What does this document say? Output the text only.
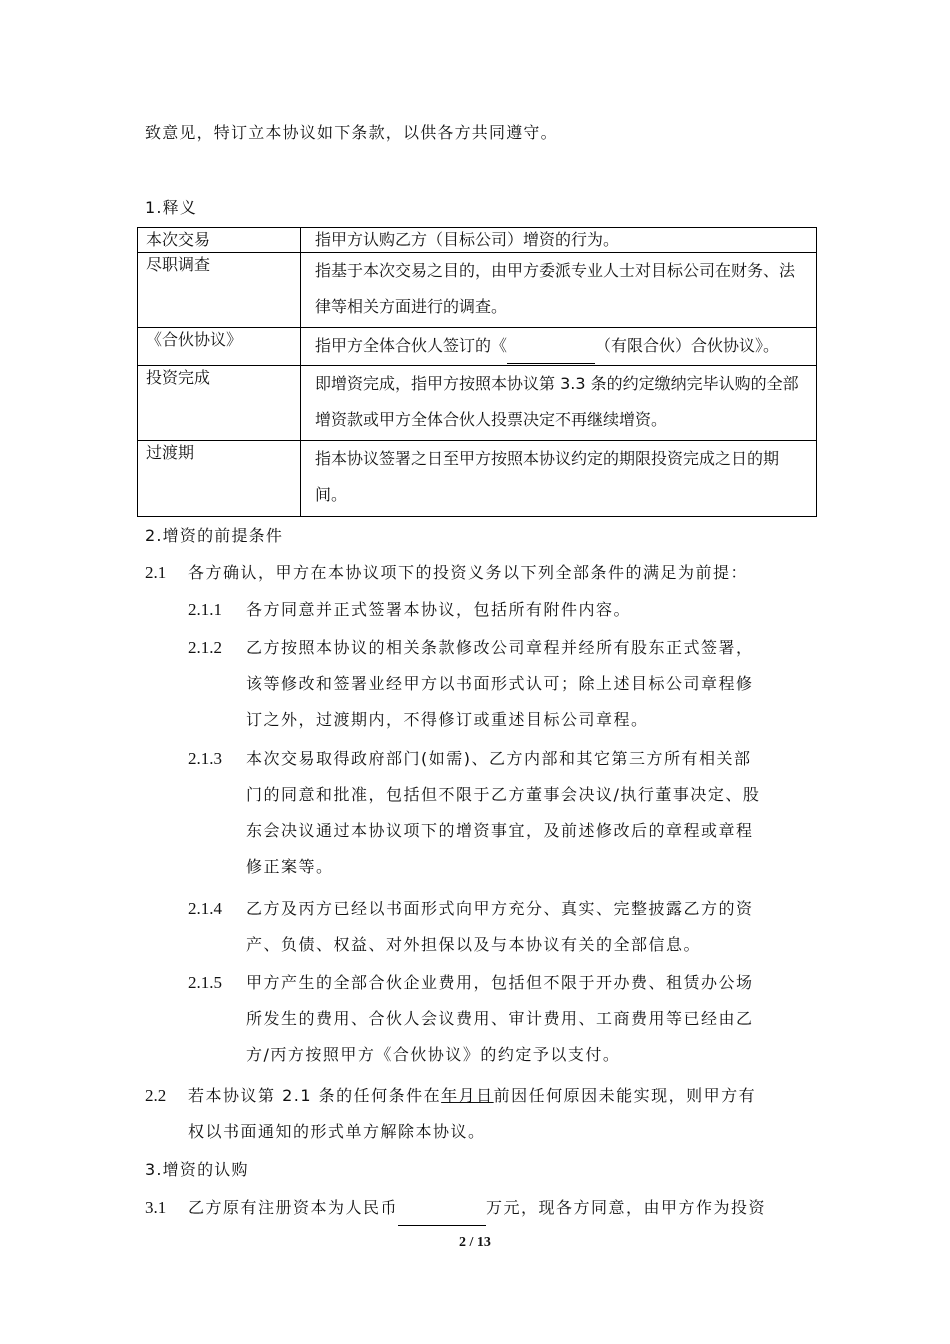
致意见，特订立本协议如下条款，以供各方共同遵守。
1.释义
本次交易	指甲方认购乙方（目标公司）增资的行为。
尽职调查	指基于本次交易之目的，由甲方委派专业人士对目标公司在财务、法律等相关方面进行的调查。
《合伙协议》	指甲方全体合伙人签订的《 （有限合伙）合伙协议》。
投资完成	即增资完成，指甲方按照本协议第 3.3 条的约定缴纳完毕认购的全部增资款或甲方全体合伙人投票决定不再继续增资。
过渡期	指本协议签署之日至甲方按照本协议约定的期限投资完成之日的期间。
2.增资的前提条件
2.1 各方确认，甲方在本协议项下的投资义务以下列全部条件的满足为前提：
2.1.1 各方同意并正式签署本协议，包括所有附件内容。
2.1.2 乙方按照本协议的相关条款修改公司章程并经所有股东正式签署，
该等修改和签署业经甲方以书面形式认可；除上述目标公司章程修
订之外，过渡期内，不得修订或重述目标公司章程。
2.1.3 本次交易取得政府部门(如需)、乙方内部和其它第三方所有相关部
门的同意和批准，包括但不限于乙方董事会决议/执行董事决定、股
东会决议通过本协议项下的增资事宜，及前述修改后的章程或章程
修正案等。
2.1.4 乙方及丙方已经以书面形式向甲方充分、真实、完整披露乙方的资
产、负债、权益、对外担保以及与本协议有关的全部信息。
2.1.5 甲方产生的全部合伙企业费用，包括但不限于开办费、租赁办公场
所发生的费用、合伙人会议费用、审计费用、工商费用等已经由乙
方/丙方按照甲方《合伙协议》的约定予以支付。
2.2 若本协议第 2.1 条的任何条件在年月日前因任何原因未能实现，则甲方有
权以书面通知的形式单方解除本协议。
3.增资的认购
3.1 乙方原有注册资本为人民币	万元，现各方同意，由甲方作为投资
2 / 13
